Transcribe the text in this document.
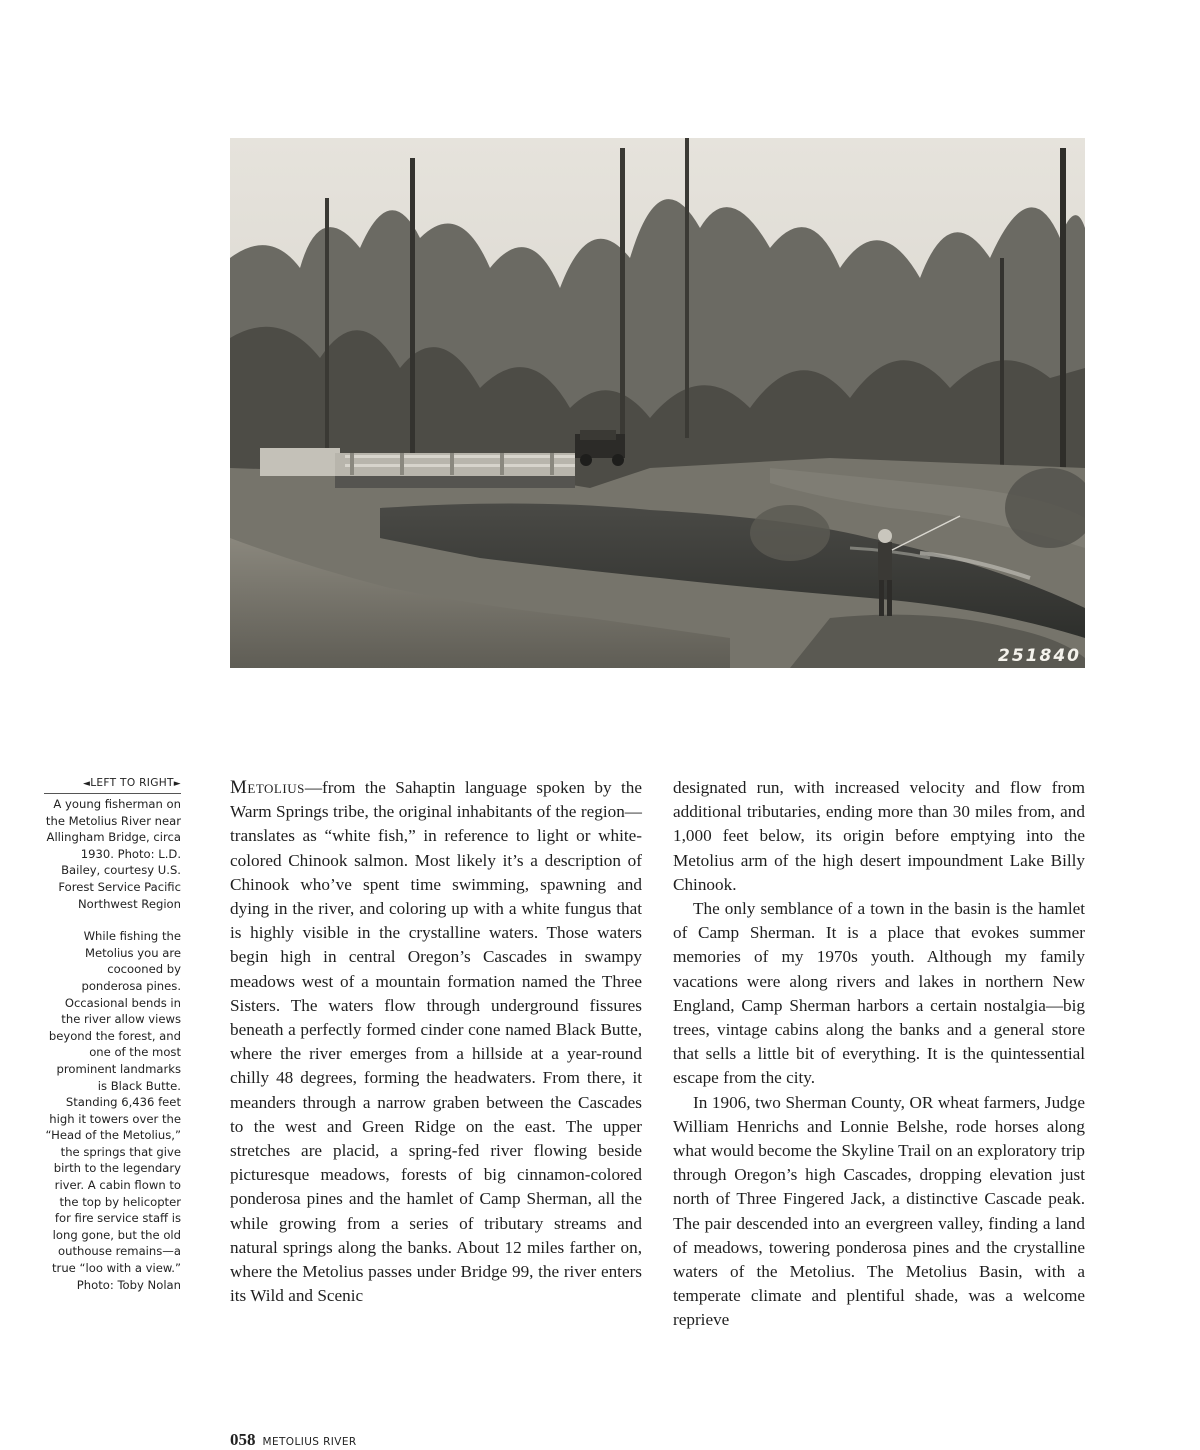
251840
◄LEFT TO RIGHT►

A young fisherman on the Metolius River near Allingham Bridge, circa 1930. Photo: L.D. Bailey, courtesy U.S. Forest Service Pacific Northwest Region

While fishing the Metolius you are cocooned by ponderosa pines. Occasional bends in the river allow views beyond the forest, and one of the most prominent landmarks is Black Butte. Standing 6,436 feet high it towers over the “Head of the Metolius,” the springs that give birth to the legendary river. A cabin flown to the top by helicopter for fire service staff is long gone, but the old outhouse remains—a true “loo with a view.” Photo: Toby Nolan

Metolius—from the Sahaptin language spoken by the Warm Springs tribe, the original inhabitants of the region—translates as “white fish,” in reference to light or white-colored Chinook salmon. Most likely it’s a description of Chinook who’ve spent time swimming, spawning and dying in the river, and coloring up with a white fungus that is highly visible in the crystalline waters. Those waters begin high in central Oregon’s Cascades in swampy meadows west of a mountain formation named the Three Sisters. The waters flow through underground fissures beneath a perfectly formed cinder cone named Black Butte, where the river emerges from a hillside at a year-round chilly 48 degrees, forming the headwaters. From there, it meanders through a narrow graben between the Cascades to the west and Green Ridge on the east. The upper stretches are placid, a spring-fed river flowing beside picturesque meadows, forests of big cinnamon-colored ponderosa pines and the hamlet of Camp Sherman, all the while growing from a series of tributary streams and natural springs along the banks. About 12 miles farther on, where the Metolius passes under Bridge 99, the river enters its Wild and Scenic

designated run, with increased velocity and flow from additional tributaries, ending more than 30 miles from, and 1,000 feet below, its origin before emptying into the Metolius arm of the high desert impoundment Lake Billy Chinook.

The only semblance of a town in the basin is the hamlet of Camp Sherman. It is a place that evokes summer memories of my 1970s youth. Although my family vacations were along rivers and lakes in northern New England, Camp Sherman harbors a certain nostalgia—big trees, vintage cabins along the banks and a general store that sells a little bit of everything. It is the quintessential escape from the city.

In 1906, two Sherman County, OR wheat farmers, Judge William Henrichs and Lonnie Belshe, rode horses along what would become the Skyline Trail on an exploratory trip through Oregon’s high Cascades, dropping elevation just north of Three Fingered Jack, a distinctive Cascade peak. The pair descended into an evergreen valley, finding a land of meadows, towering ponderosa pines and the crystalline waters of the Metolius. The Metolius Basin, with a temperate climate and plentiful shade, was a welcome reprieve

058 METOLIUS RIVER
